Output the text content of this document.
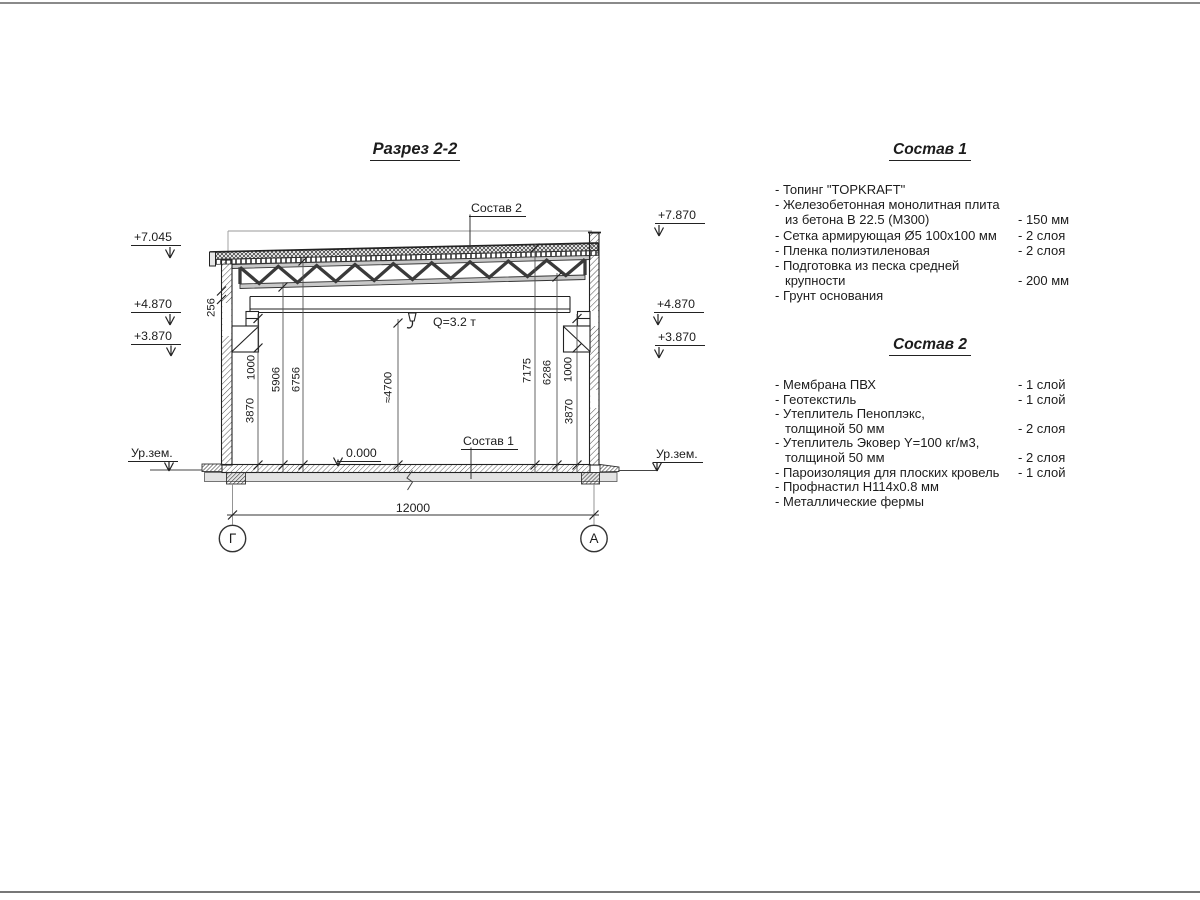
Разрез 2-2
+7.045
+4.870
+3.870
Ур.зем.
+7.870
+4.870
+3.870
Ур.зем.
Состав 2
Состав 1
0.000
Q=3.2 т
256
1000
3870
5906 6756	≈4700
7175 6286 1000
3870
12000
Г	А
Состав 1
- Топинг "TOPKRAFT"
- Железобетонная монолитная плита
из бетона В 22.5 (М300)	- 150 мм
- Сетка армирующая Ø5 100х100 мм - 2 слоя
- Пленка полиэтиленовая	- 2 слоя
- Подготовка из песка средней
крупности	- 200 мм
- Грунт основания
Состав 2
- Мембрана ПВХ	- 1 слой
- Геотекстиль	- 1 слой
- Утеплитель Пеноплэкс,
толщиной 50 мм	- 2 слоя
- Утеплитель Эковер Y=100 кг/м3,
толщиной 50 мм	- 2 слоя
- Пароизоляция для плоских кровель - 1 слой
- Профнастил Н114х0.8 мм
- Металлические фермы
